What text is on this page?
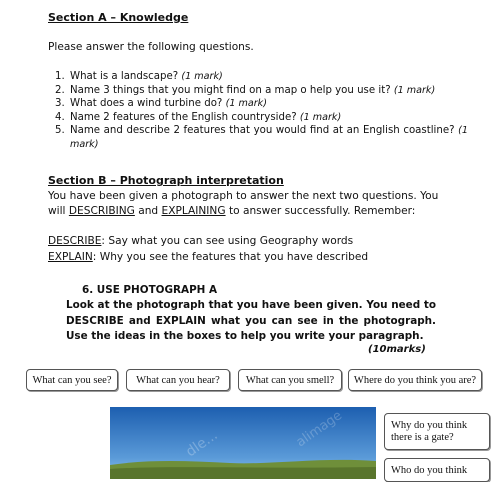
Section A – Knowledge
Please answer the following questions.
1. What is a landscape? (1 mark)
2. Name 3 things that you might find on a map o help you use it? (1 mark)
3. What does a wind turbine do? (1 mark)
4. Name 2 features of the English countryside? (1 mark)
5. Name and describe 2 features that you would find at an English coastline? (1 mark)
Section B – Photograph interpretation
You have been given a photograph to answer the next two questions. You
will DESCRIBING and EXPLAINING to answer successfully. Remember:
DESCRIBE: Say what you can see using Geography words
EXPLAIN: Why you see the features that you have described
6. USE PHOTOGRAPH A
Look at the photograph that you have been given. You need to DESCRIBE and EXPLAIN what you can see in the photograph. Use the ideas in the boxes to help you write your paragraph.
(10marks)
What can you see?	What can you hear?	What can you smell?	Where do you think you are?
dle...	alimage	Why do you think there is a gate?
Who do you think
